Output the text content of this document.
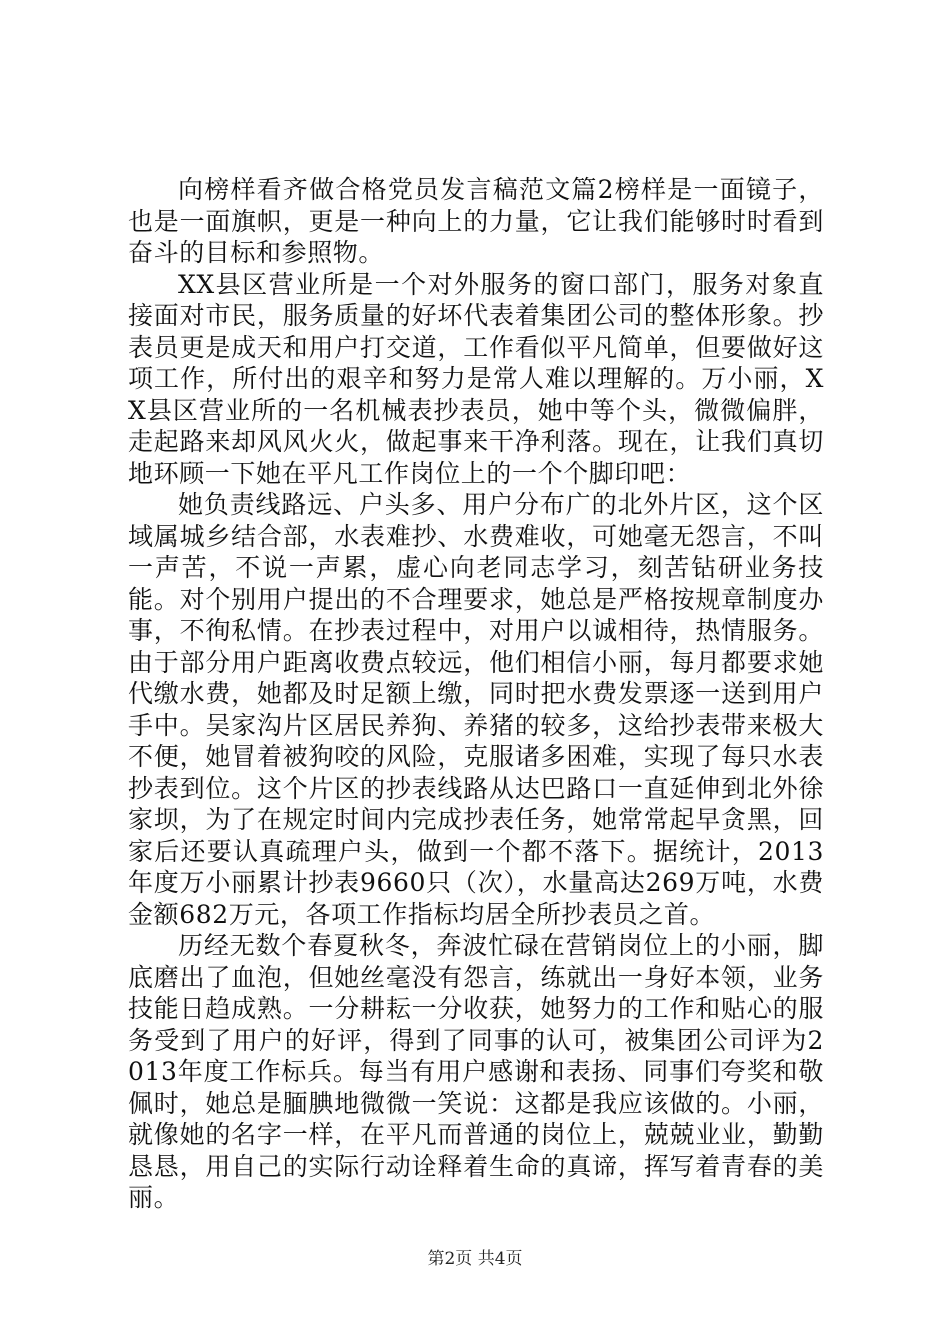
向榜样看齐做合格党员发言稿范文篇2榜样是一面镜子，也是一面旗帜，更是一种向上的力量，它让我们能够时时看到奋斗的目标和参照物。

XX县区营业所是一个对外服务的窗口部门，服务对象直接面对市民，服务质量的好坏代表着集团公司的整体形象。抄表员更是成天和用户打交道，工作看似平凡简单，但要做好这项工作，所付出的艰辛和努力是常人难以理解的。万小丽，XX县区营业所的一名机械表抄表员，她中等个头，微微偏胖，走起路来却风风火火，做起事来干净利落。现在，让我们真切地环顾一下她在平凡工作岗位上的一个个脚印吧：

她负责线路远、户头多、用户分布广的北外片区，这个区域属城乡结合部，水表难抄、水费难收，可她毫无怨言，不叫一声苦，不说一声累，虚心向老同志学习，刻苦钻研业务技能。对个别用户提出的不合理要求，她总是严格按规章制度办事，不徇私情。在抄表过程中，对用户以诚相待，热情服务。由于部分用户距离收费点较远，他们相信小丽，每月都要求她代缴水费，她都及时足额上缴，同时把水费发票逐一送到用户手中。吴家沟片区居民养狗、养猪的较多，这给抄表带来极大不便，她冒着被狗咬的风险，克服诸多困难，实现了每只水表抄表到位。这个片区的抄表线路从达巴路口一直延伸到北外徐家坝，为了在规定时间内完成抄表任务，她常常起早贪黑，回家后还要认真疏理户头，做到一个都不落下。据统计，2013年度万小丽累计抄表9660只（次），水量高达269万吨，水费金额682万元，各项工作指标均居全所抄表员之首。

历经无数个春夏秋冬，奔波忙碌在营销岗位上的小丽，脚底磨出了血泡，但她丝毫没有怨言，练就出一身好本领，业务技能日趋成熟。一分耕耘一分收获，她努力的工作和贴心的服务受到了用户的好评，得到了同事的认可，被集团公司评为2013年度工作标兵。每当有用户感谢和表扬、同事们夸奖和敬佩时，她总是腼腆地微微一笑说：这都是我应该做的。小丽，就像她的名字一样，在平凡而普通的岗位上，兢兢业业，勤勤恳恳，用自己的实际行动诠释着生命的真谛，挥写着青春的美丽。

第2页 共4页
